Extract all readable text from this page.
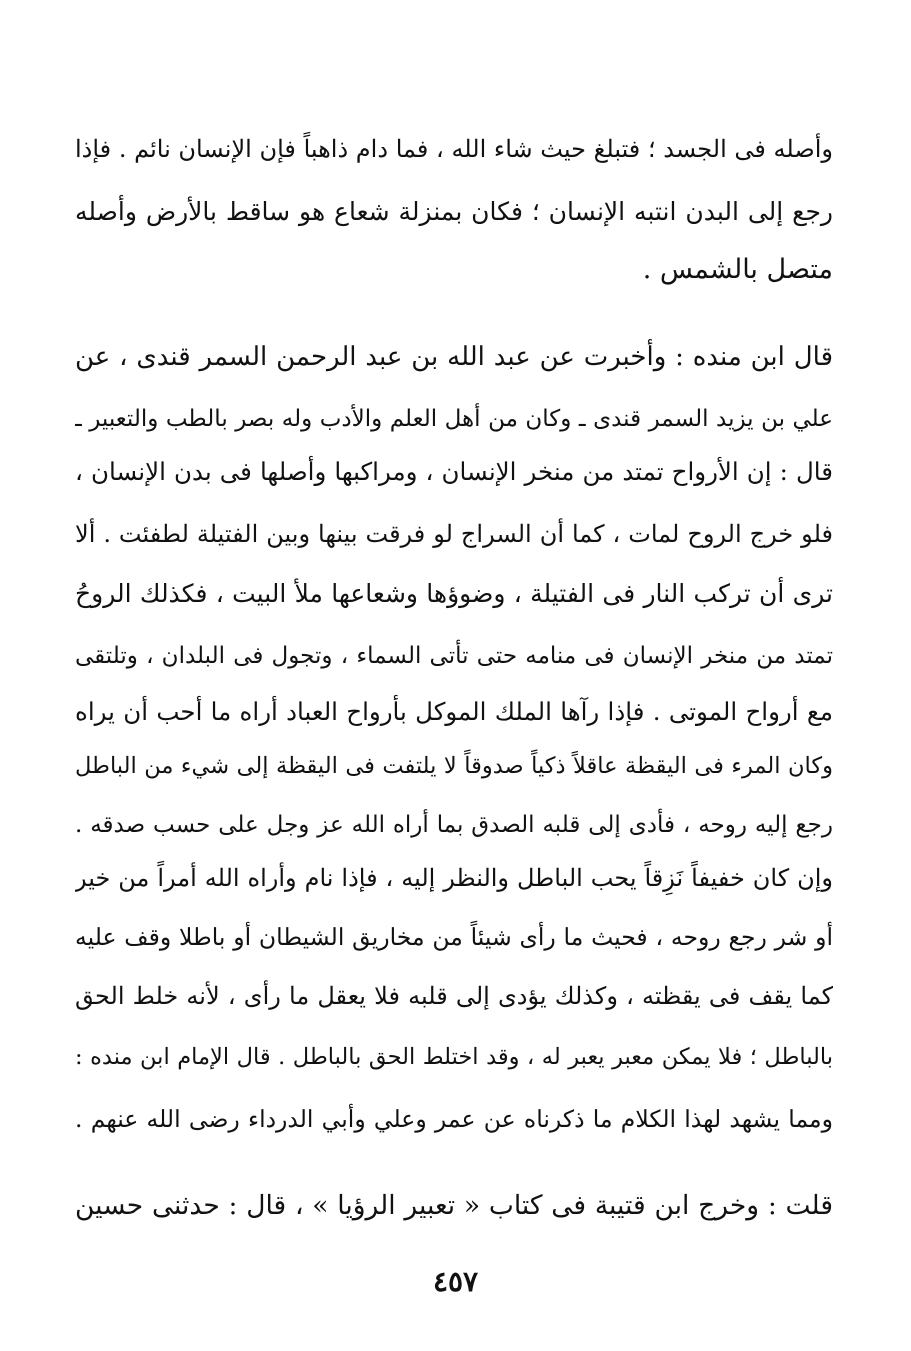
وأصله فى الجسد ؛ فتبلغ حيث شاء الله ، فما دام ذاهباً فإن الإنسان نائم . فإذا
رجع إلى البدن انتبه الإنسان ؛ فكان بمنزلة شعاع هو ساقط بالأرض وأصله
متصل بالشمس .
قال ابن منده : وأخبرت عن عبد الله بن عبد الرحمن السمر قندى ، عن
علي بن يزيد السمر قندى ـ وكان من أهل العلم والأدب وله بصر بالطب والتعبير ـ
قال : إن الأرواح تمتد من منخر الإنسان ، ومراكبها وأصلها فى بدن الإنسان ،
فلو خرج الروح لمات ، كما أن السراج لو فرقت بينها وبين الفتيلة لطفئت . ألا
ترى أن تركب النار فى الفتيلة ، وضوؤها وشعاعها ملأ البيت ، فكذلك الروحُ
تمتد من منخر الإنسان فى منامه حتى تأتى السماء ، وتجول فى البلدان ، وتلتقى
مع أرواح الموتى . فإذا رآها الملك الموكل بأرواح العباد أراه ما أحب أن يراه
وكان المرء فى اليقظة عاقلاً ذكياً صدوقاً لا يلتفت فى اليقظة إلى شيء من الباطل
رجع إليه روحه ، فأدى إلى قلبه الصدق بما أراه الله عز وجل على حسب صدقه .
وإن كان خفيفاً نَزِقاً يحب الباطل والنظر إليه ، فإذا نام وأراه الله أمراً من خير
أو شر رجع روحه ، فحيث ما رأى شيئاً من مخاريق الشيطان أو باطلا وقف عليه
كما يقف فى يقظته ، وكذلك يؤدى إلى قلبه فلا يعقل ما رأى ، لأنه خلط الحق
بالباطل ؛ فلا يمكن معبر يعبر له ، وقد اختلط الحق بالباطل . قال الإمام ابن منده :
ومما يشهد لهذا الكلام ما ذكرناه عن عمر وعلي وأبي الدرداء رضى الله عنهم .
قلت : وخرج ابن قتيبة فى كتاب « تعبير الرؤيا » ، قال : حدثنى حسين
٤٥٧
